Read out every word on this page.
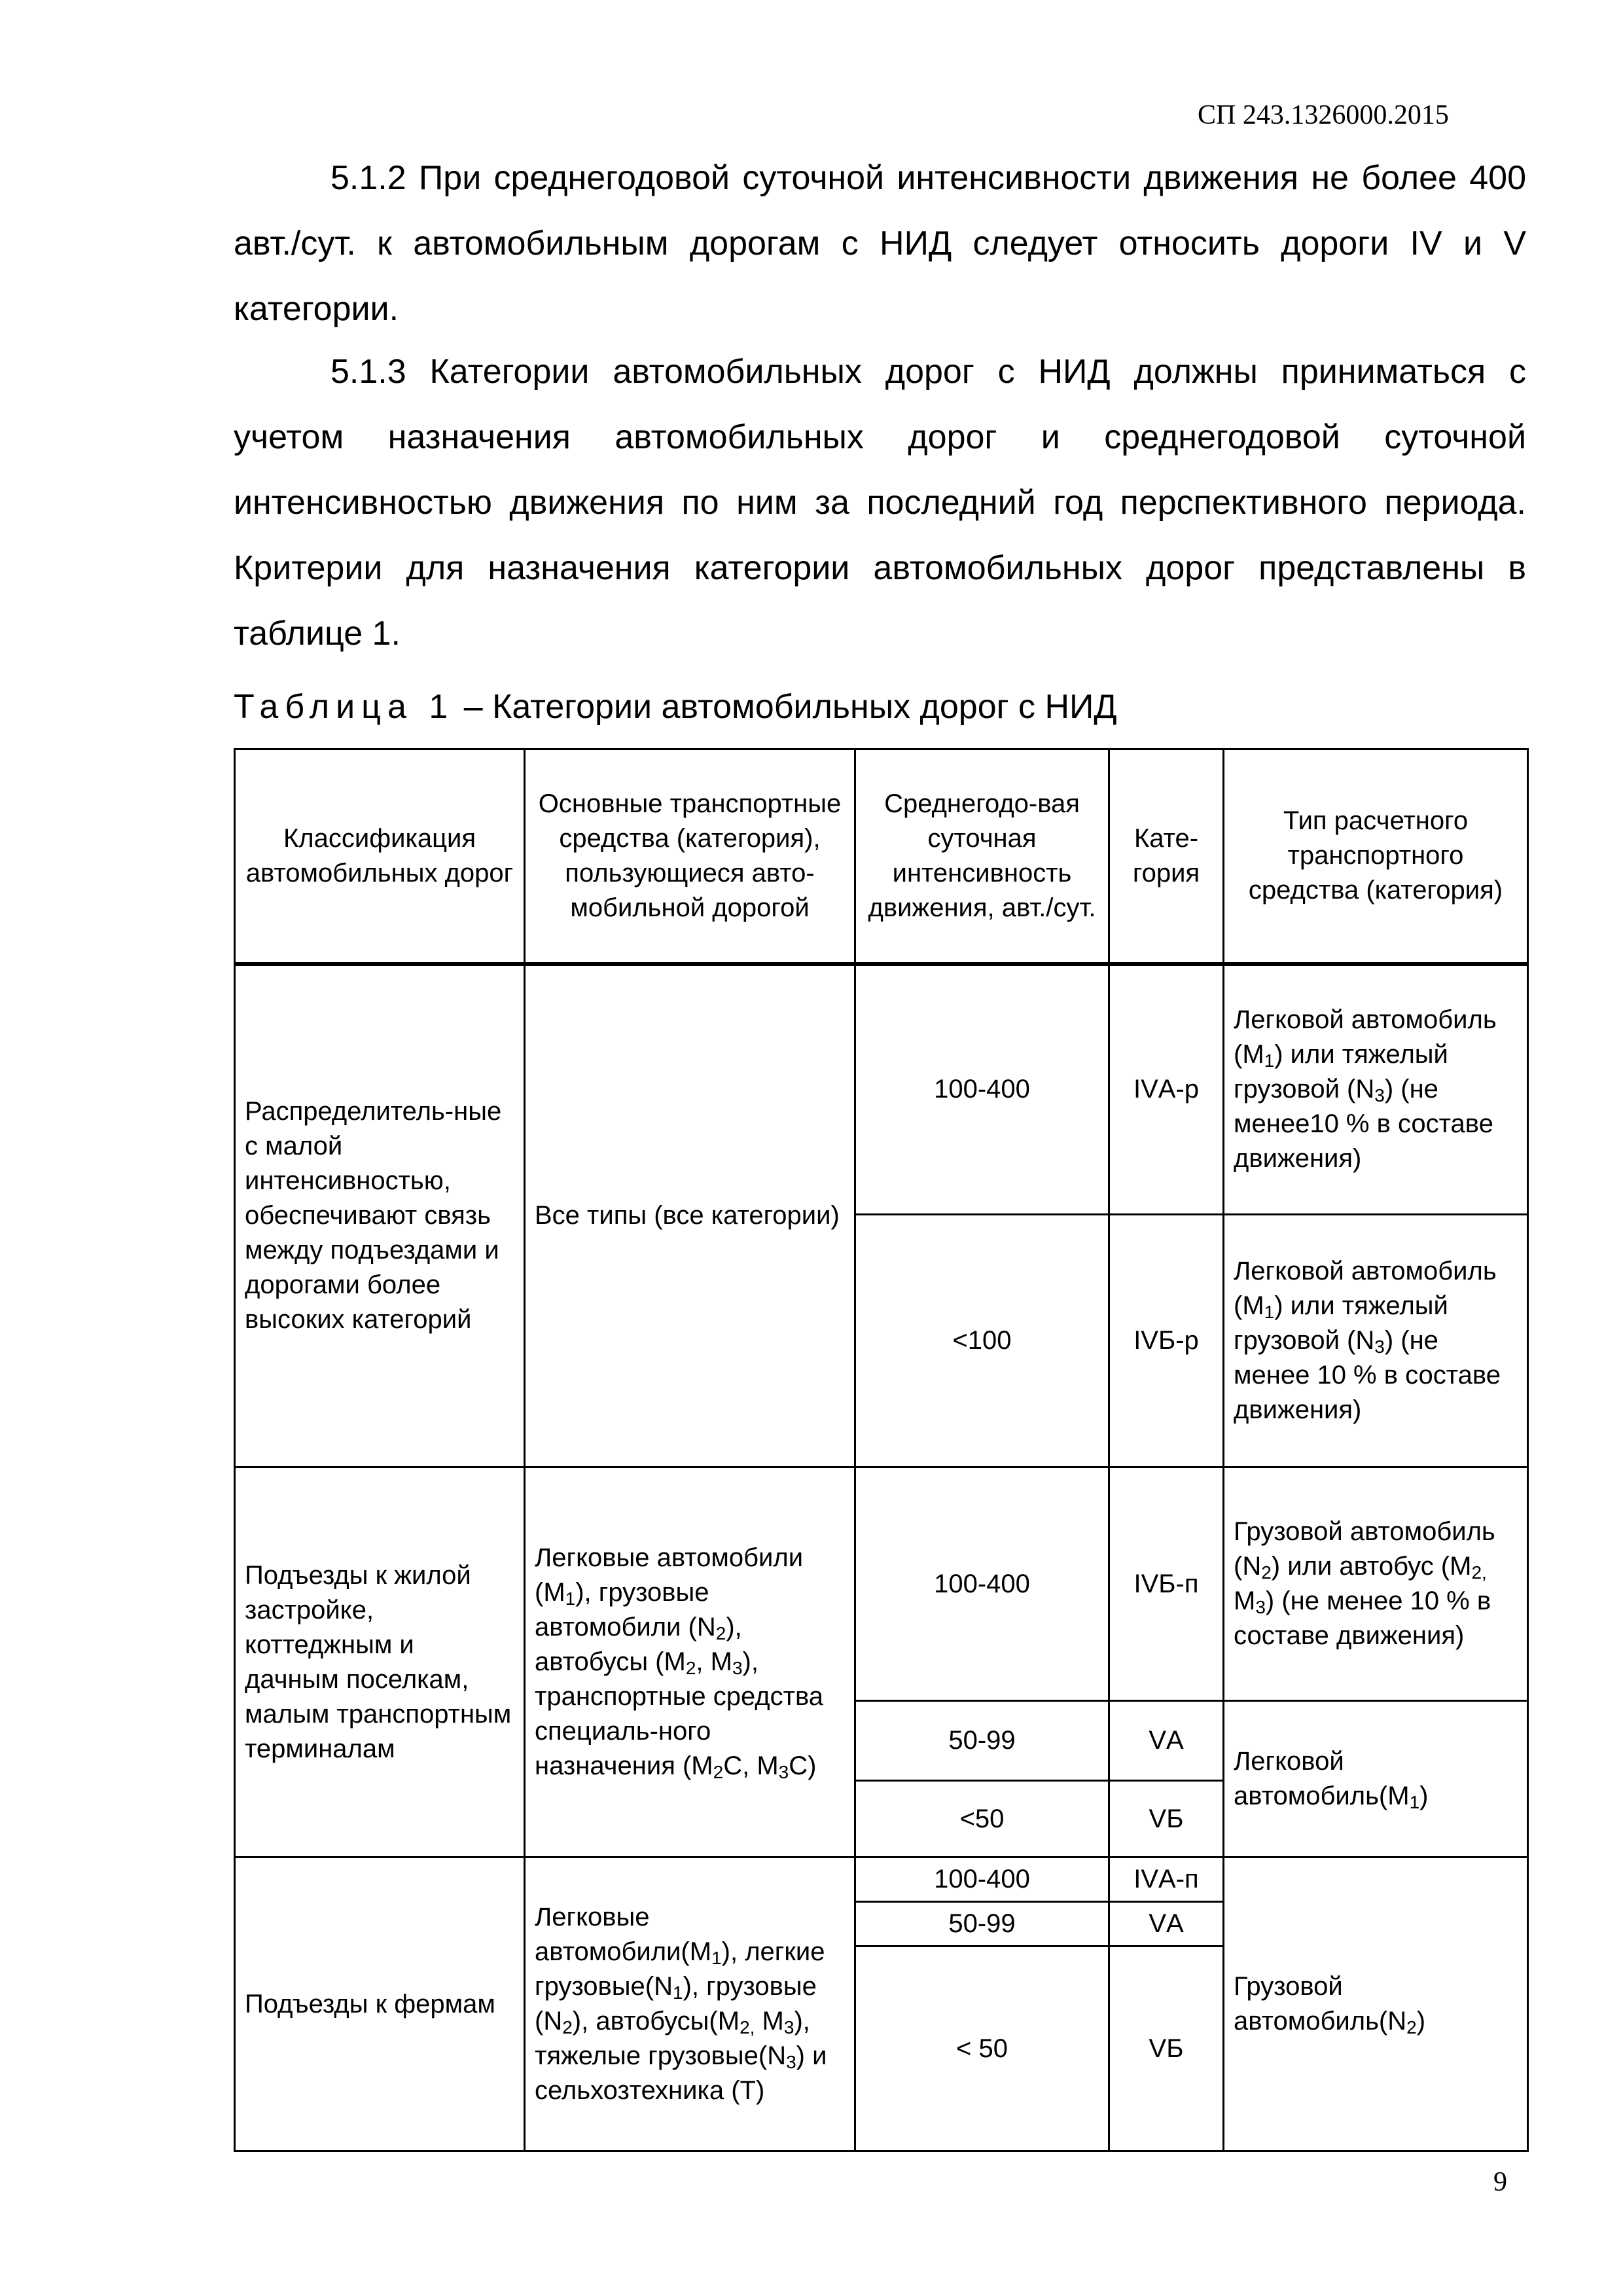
СП 243.1326000.2015

5.1.2 При среднегодовой суточной интенсивности движения не более 400 авт./сут. к автомобильным дорогам с НИД следует относить дороги IV и V категории.

5.1.3 Категории автомобильных дорог с НИД должны приниматься с учетом назначения автомобильных дорог и среднегодовой суточной интенсивностью движения по ним за последний год перспективного периода. Критерии для назначения категории автомобильных дорог представлены в таблице 1.

Таблица 1 – Категории автомобильных дорог с НИД
Классификация автомобильных дорог	Основные транспортные средства (категория), пользующиеся авто-мобильной дорогой	Среднегодо-вая суточная интенсивность движения, авт./сут.	Кате-гория	Тип расчетного транспортного средства (категория)
Распределитель-ные с малой интенсивностью, обеспечивают связь между подъездами и дорогами более высоких категорий	Все типы (все категории)	100-400	IVА-р	Легковой автомобиль $(М_1)$ или тяжелый грузовой $(N_3)$ (не менее10 % в составе движения)
		<100	IVБ-р	Легковой автомобиль $(М_1)$ или тяжелый грузовой $(N_3)$ (не менее 10 % в составе движения)
Подъезды к жилой застройке, коттеджным и дачным поселкам, малым транспортным терминалам	Легковые автомобили $(М_1)$, грузовые автомобили $(N_2)$, автобусы ($М_2$, $М_3$), транспортные средства специаль-ного назначения ($М_2С$, $М_3С$)	100-400	IVБ-п	Грузовой автомобиль $(N_2)$ или автобус ($М_{2,}$ $М_3$) (не менее 10 % в составе движения)
		50-99	VА	Легковой $автомобиль(М_1)$
		<50	VБ	
Подъезды к фермам	Легковые $автомобили(М_1)$, легкие $грузовые(N_1)$, грузовые $(N_2)$, $автобусы(М_{2,}$ $М_3$), тяжелые $грузовые(N_3)$ и сельхозтехника (Т)	100-400	IVА-п	Грузовой $автомобиль(N_2)$
		50-99	VА	
		< 50	VБ	
9
